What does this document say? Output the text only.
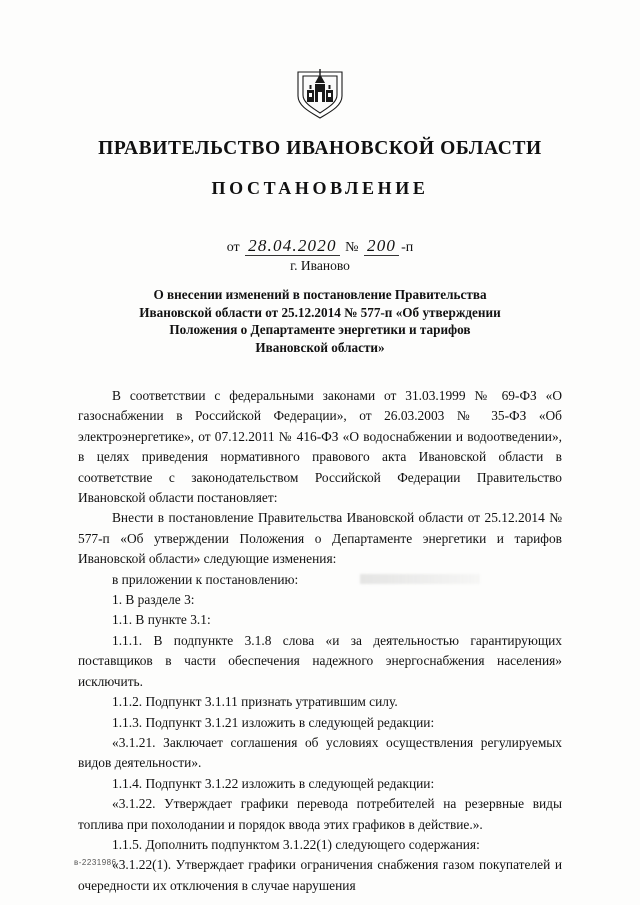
ПРАВИТЕЛЬСТВО ИВАНОВСКОЙ ОБЛАСТИ
ПОСТАНОВЛЕНИЕ
от 28.04.2020 № 200 -п
г. Иваново
О внесении изменений в постановление Правительства
Ивановской области от 25.12.2014 № 577-п «Об утверждении
Положения о Департаменте энергетики и тарифов
Ивановской области»

В соответствии с федеральными законами от 31.03.1999 № 69-ФЗ «О газоснабжении в Российской Федерации», от 26.03.2003 № 35-ФЗ «Об электроэнергетике», от 07.12.2011 № 416-ФЗ «О водоснабжении и водоотведении», в целях приведения нормативного правового акта Ивановской области в соответствие с законодательством Российской Федерации Правительство Ивановской области постановляет:

Внести в постановление Правительства Ивановской области от 25.12.2014 № 577-п «Об утверждении Положения о Департаменте энергетики и тарифов Ивановской области» следующие изменения:

в приложении к постановлению:

1. В разделе 3:

1.1. В пункте 3.1:

1.1.1. В подпункте 3.1.8 слова «и за деятельностью гарантирующих поставщиков в части обеспечения надежного энергоснабжения населения» исключить.

1.1.2. Подпункт 3.1.11 признать утратившим силу.

1.1.3. Подпункт 3.1.21 изложить в следующей редакции:

«3.1.21. Заключает соглашения об условиях осуществления регулируемых видов деятельности».

1.1.4. Подпункт 3.1.22 изложить в следующей редакции:

«3.1.22. Утверждает графики перевода потребителей на резервные виды топлива при похолодании и порядок ввода этих графиков в действие.».

1.1.5. Дополнить подпунктом 3.1.22(1) следующего содержания:

«3.1.22(1). Утверждает графики ограничения снабжения газом покупателей и очередности их отключения в случае нарушения

в-2231986
